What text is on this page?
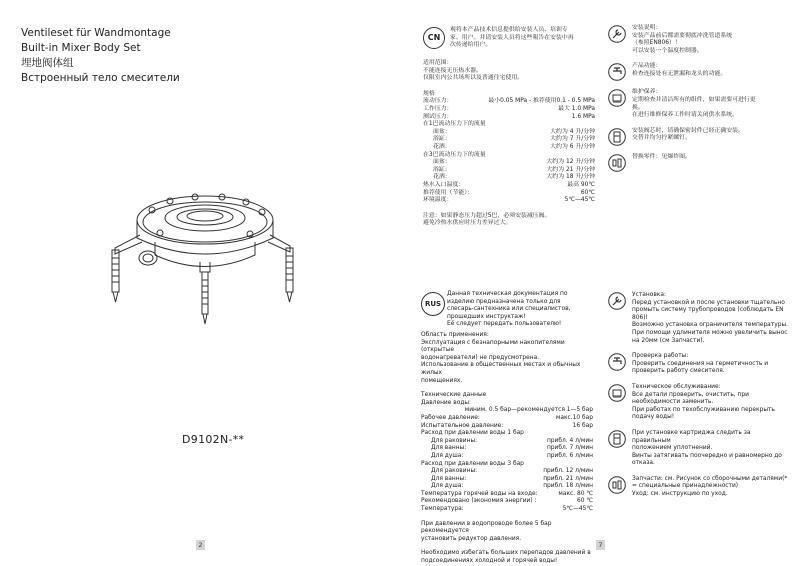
Ventileset für Wandmontage
Built-in Mixer Body Set
埋地阀体组
Встроенный тело смесители
D9102N-**
2
CN
观将本产品技术信息提供给安装人员、培训专
家、用户。并请安装人员将这些報告在安装中再
次传递给用户。
适用范围：
不能连接无压热水器。
仅限室内公共场所以及普通住宅使用。
规格
流动压力：	最小0.05 MPa - 推荐使用0.1 - 0.5 MPa
工作压力：	最大 1.0 MPa
测试压力：	1.6 MPa
在1巴流动压力下的流量
面盆：	大约为 4 升/分钟
浴缸：	大约为 7 升/分钟
花洒：	大约为 6 升/分钟
在3巴流动压力下的流量
面盆：	大约为 12 升/分钟
浴缸：	大约为 21 升/分钟
花洒：	大约为 18 升/分钟
热水入口温度：	最高 90℃
推荐使用（节能）：	60℃
环境温度：	5℃—45℃
注意：如果静态压力超过5巴，必须安装减压阀。
避免冷热水供应时压力差异过大。
安装说明：
安装产品前后都需要彻底冲洗管道系统
（参照EN806）！
可以安装一个温度控制器。
产品功能：
检查连接处有无泄漏和龙头的功能。
维护保养：
定期检查并清洁所有的组件，如果需要可进行更
换。
在进行维修保养工作时请关闭供水系统。
安装阀芯时，请确保密封件已经正确安装。
交替并均匀拧紧螺钉。
替换零件：见爆炸图。
RUS
Данная техническая документация по
изделию предназначена только для
слесарь-сантехника или специалистов,
прошедших инструктаж!
Её следует передать пользователю!
Область применения:
Эксплуатация с безнапорными накопителями (открытые
водонагреватели) не предусмотрена.
Использование в общественных местах и обычных жилых
помещениях.
Технические данные
Давление воды:
миним. 0.5 бар—рекомендуется 1—5 бар
Рабочее давление:	макс.10 бар
Испытательное давление:	16 бар
Расход при давлении воды 1 бар
Для раковины:	прибл. 4 л/мин
Для ванны:	прибл. 7 л/мин
Для душа:	прибл. 6 л/мин
Расход при давлении воды 3 бар
Для раковины:	прибл. 12 л/мин
Для ванны:	прибл. 21 л/мин
Для душа:	прибл. 18 л/мин
Температура горячей воды на входе:	макс. 80 ℃
Рекомендовано (экономия энергии) :	60 ℃
Температура:	5℃—45℃
При давлении в водопроводе более 5 бар рекомендуется
установить редуктор давления.
Необходимо избегать больших перепадов давлений в
подсоединениях холодной и горячей воды!
Установка:
Перед установкой и после установки тщательно
промыть систему трубопроводов (соблюдать EN
806)!
Возможно установка ограничителя температуры.
При помощи удлинителя можно увеличить вынос
на 20мм (см Запчасти).
Проверка работы:
Проверить соединения на герметичность и
проверить работу смесителя.
Техническое обслуживание:
Все детали проверить, очистить, при
необходимости заменить.
При работах по техобслуживанию перекрыть
подачу воды!
При установке картриджа следить за правильным
положением уплотнений.
Винты затягивать поочередно и равномерно до
отказа.
Запчасти: см. Рисунок со сборочными деталями(*
= специальные принадлежности)
Уход: см. инструкцию по уход.
7
